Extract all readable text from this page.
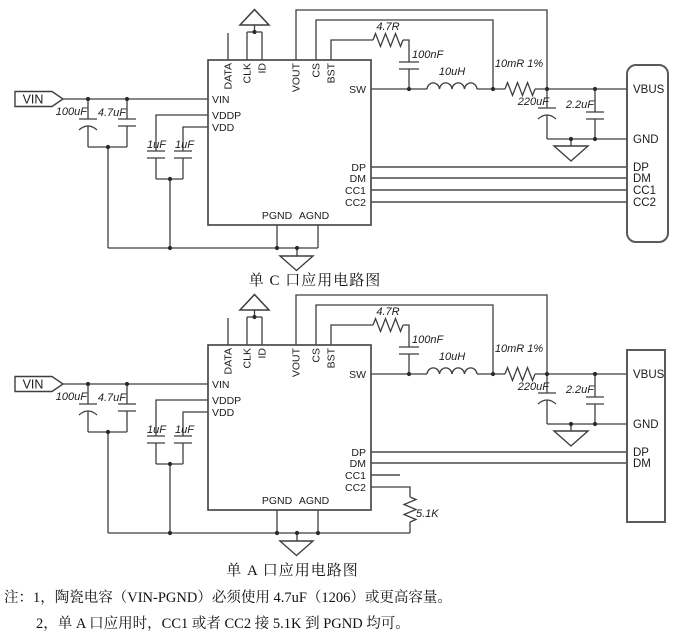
VIN
DATA CLK ID VOUT CS BST
VIN
VDDP
VDD
PGND AGND
SW
DP
DM
CC1
CC2
100uF 4.7uF
1uF 1uF
4.7R
100nF
10uH
10mR 1%
220uF 2.2uF
VBUS
GND
DP
DM
CC1
CC2
5.1K
VBUS
GND
DP
DM
单 C 口应用电路图
单 A 口应用电路图
注：1，陶瓷电容（VIN-PGND）必须使用 4.7uF（1206）或更高容量。
2，单 A 口应用时，CC1 或者 CC2 接 5.1K 到 PGND 均可。
